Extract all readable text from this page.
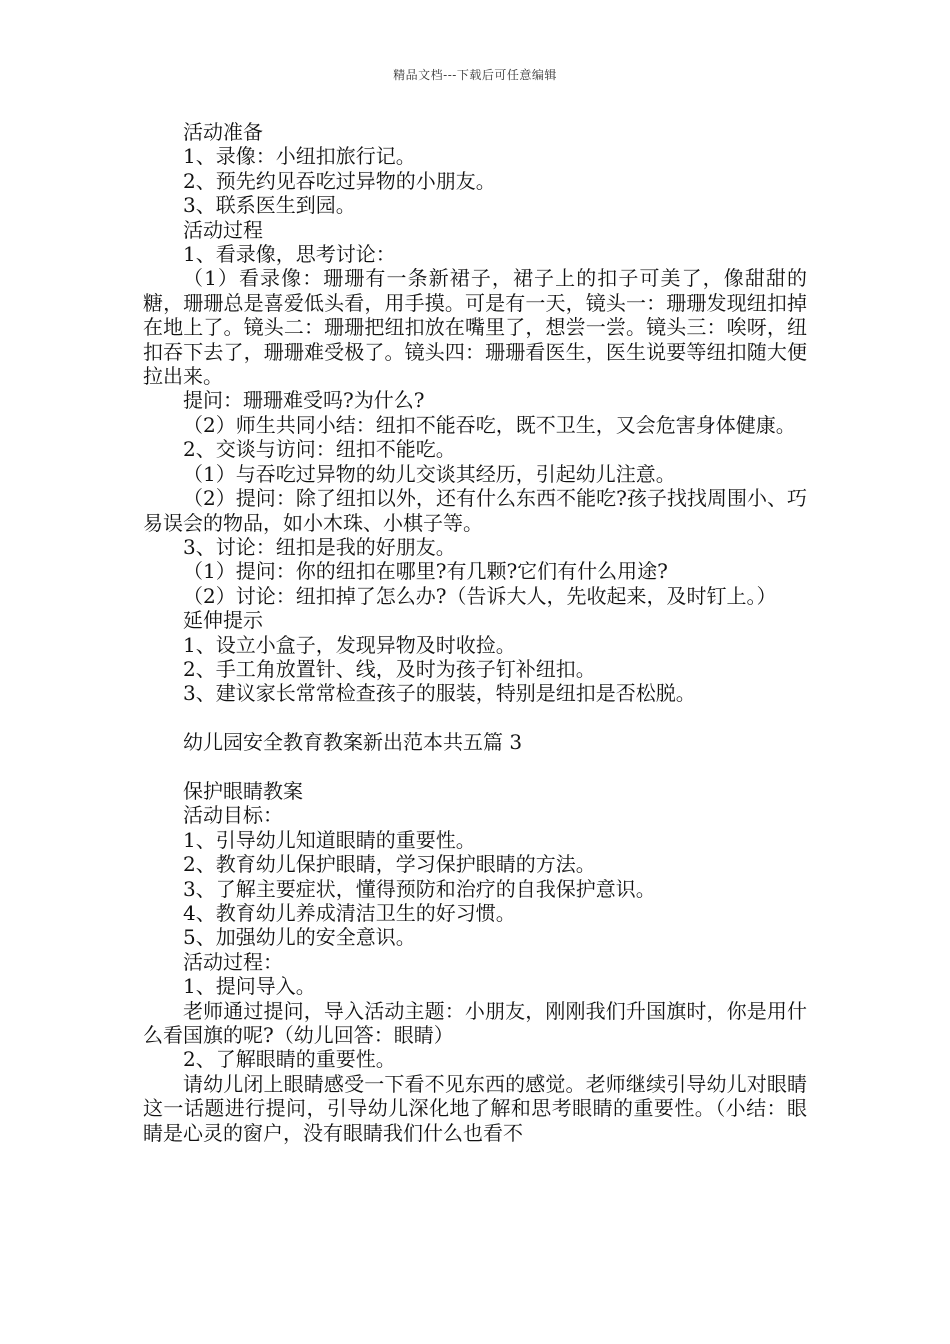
精品文档---下载后可任意编辑

活动准备

1、录像：小纽扣旅行记。

2、预先约见吞吃过异物的小朋友。

3、联系医生到园。

活动过程

1、看录像，思考讨论：

（1）看录像：珊珊有一条新裙子，裙子上的扣子可美了，像甜甜的糖，珊珊总是喜爱低头看，用手摸。可是有一天，镜头一：珊珊发现纽扣掉在地上了。镜头二：珊珊把纽扣放在嘴里了，想尝一尝。镜头三：唉呀，纽扣吞下去了，珊珊难受极了。镜头四：珊珊看医生，医生说要等纽扣随大便拉出来。

提问：珊珊难受吗?为什么?

（2）师生共同小结：纽扣不能吞吃，既不卫生，又会危害身体健康。

2、交谈与访问：纽扣不能吃。

（1）与吞吃过异物的幼儿交谈其经历，引起幼儿注意。

（2）提问：除了纽扣以外，还有什么东西不能吃?孩子找找周围小、巧易误会的物品，如小木珠、小棋子等。

3、讨论：纽扣是我的好朋友。

（1）提问：你的纽扣在哪里?有几颗?它们有什么用途?

（2）讨论：纽扣掉了怎么办?（告诉大人，先收起来，及时钉上。）

延伸提示

1、设立小盒子，发现异物及时收捡。

2、手工角放置针、线，及时为孩子钉补纽扣。

3、建议家长常常检查孩子的服装，特别是纽扣是否松脱。

幼儿园安全教育教案新出范本共五篇 3

保护眼睛教案

活动目标：

1、引导幼儿知道眼睛的重要性。

2、教育幼儿保护眼睛，学习保护眼睛的方法。

3、了解主要症状，懂得预防和治疗的自我保护意识。

4、教育幼儿养成清洁卫生的好习惯。

5、加强幼儿的安全意识。

活动过程：

1、提问导入。

老师通过提问，导入活动主题：小朋友，刚刚我们升国旗时，你是用什么看国旗的呢?（幼儿回答：眼睛）

2、了解眼睛的重要性。

请幼儿闭上眼睛感受一下看不见东西的感觉。老师继续引导幼儿对眼睛这一话题进行提问，引导幼儿深化地了解和思考眼睛的重要性。（小结：眼睛是心灵的窗户，没有眼睛我们什么也看不
